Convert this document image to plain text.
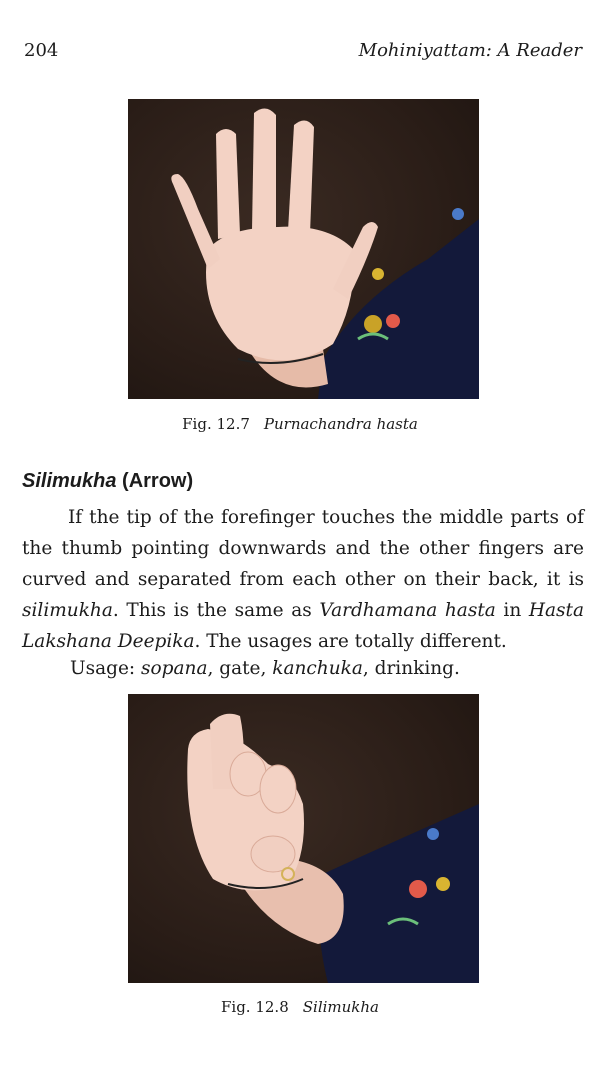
204	Mohiniyattam: A Reader
Fig. 12.7 Purnachandra hasta
Silimukha (Arrow)

If the tip of the forefinger touches the middle parts of the thumb pointing downwards and the other fingers are curved and separated from each other on their back, it is silimukha. This is the same as Vardhamana hasta in Hasta Lakshana Deepika. The usages are totally different.

Usage: sopana, gate, kanchuka, drinking.
Fig. 12.8 Silimukha
